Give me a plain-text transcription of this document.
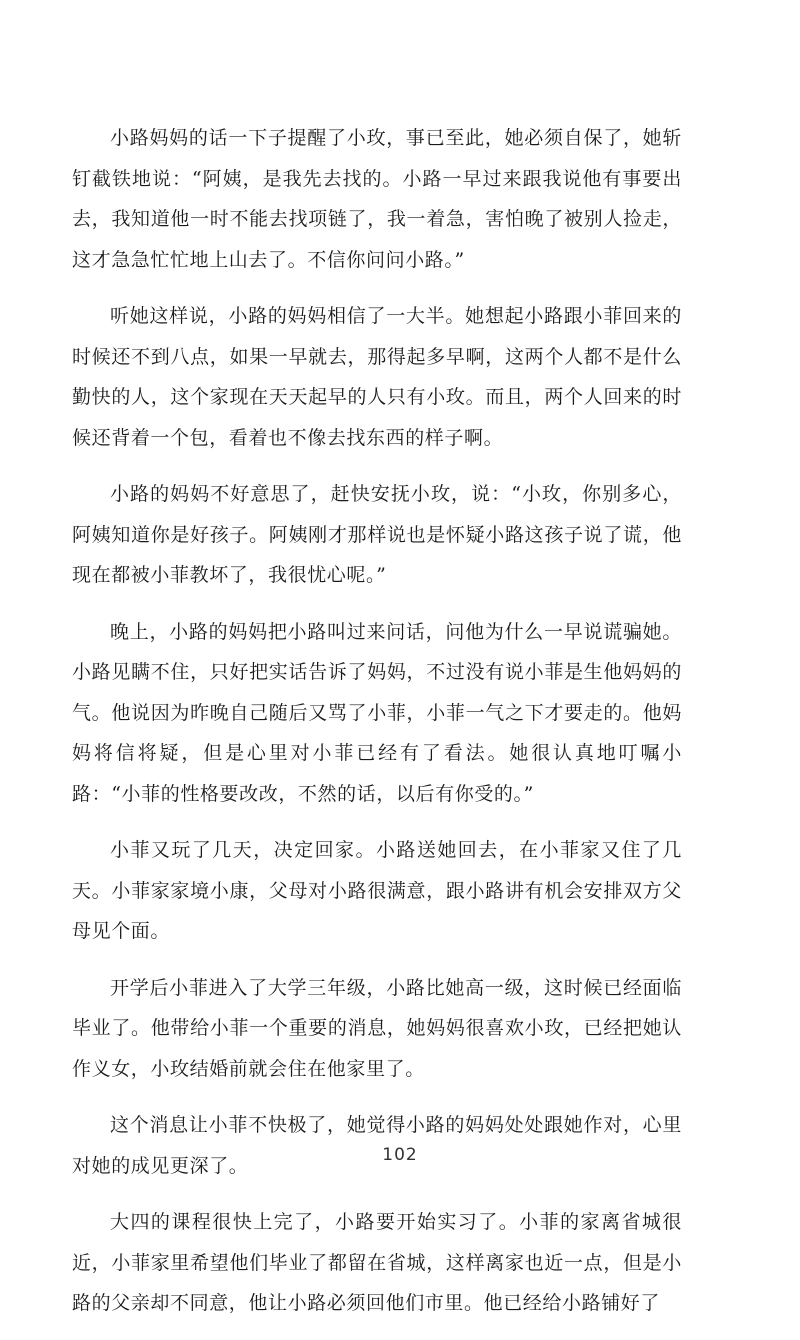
小路妈妈的话一下子提醒了小玫，事已至此，她必须自保了，她斩钉截铁地说：“阿姨，是我先去找的。小路一早过来跟我说他有事要出去，我知道他一时不能去找项链了，我一着急，害怕晚了被别人捡走，这才急急忙忙地上山去了。不信你问问小路。”

听她这样说，小路的妈妈相信了一大半。她想起小路跟小菲回来的时候还不到八点，如果一早就去，那得起多早啊，这两个人都不是什么勤快的人，这个家现在天天起早的人只有小玫。而且，两个人回来的时候还背着一个包，看着也不像去找东西的样子啊。

小路的妈妈不好意思了，赶快安抚小玫，说：“小玫，你别多心，阿姨知道你是好孩子。阿姨刚才那样说也是怀疑小路这孩子说了谎，他现在都被小菲教坏了，我很忧心呢。”

晚上，小路的妈妈把小路叫过来问话，问他为什么一早说谎骗她。小路见瞒不住，只好把实话告诉了妈妈，不过没有说小菲是生他妈妈的气。他说因为昨晚自己随后又骂了小菲，小菲一气之下才要走的。他妈妈将信将疑，但是心里对小菲已经有了看法。她很认真地叮嘱小路：“小菲的性格要改改，不然的话，以后有你受的。”

小菲又玩了几天，决定回家。小路送她回去，在小菲家又住了几天。小菲家家境小康，父母对小路很满意，跟小路讲有机会安排双方父母见个面。

开学后小菲进入了大学三年级，小路比她高一级，这时候已经面临毕业了。他带给小菲一个重要的消息，她妈妈很喜欢小玫，已经把她认作义女，小玫结婚前就会住在他家里了。

这个消息让小菲不快极了，她觉得小路的妈妈处处跟她作对，心里对她的成见更深了。

大四的课程很快上完了，小路要开始实习了。小菲的家离省城很近，小菲家里希望他们毕业了都留在省城，这样离家也近一点，但是小路的父亲却不同意，他让小路必须回他们市里。他已经给小路铺好了

102
